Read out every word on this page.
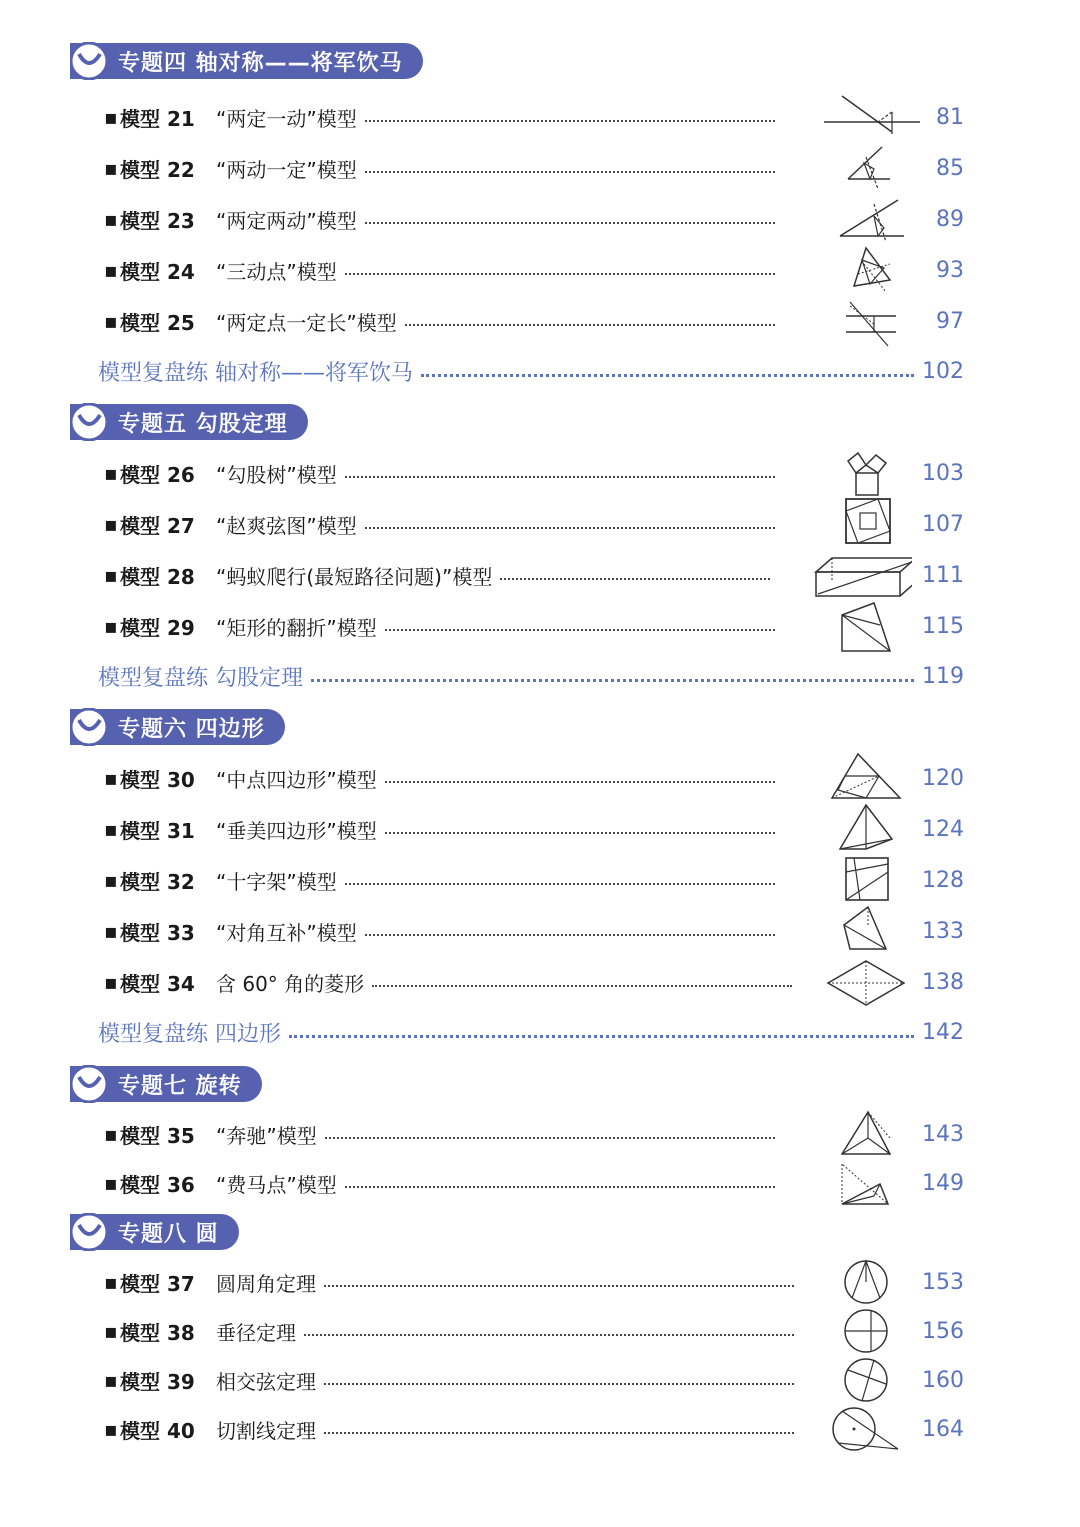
专题四 轴对称——将军饮马
▪ 模型 21	“两定一动”模型	81
▪ 模型 22	“两动一定”模型	85
▪ 模型 23	“两定两动”模型	89
▪ 模型 24	“三动点”模型	93
▪ 模型 25	“两定点一定长”模型	97
模型复盘练 轴对称——将军饮马	102
专题五 勾股定理
▪ 模型 26	“勾股树”模型	103
▪ 模型 27	“赵爽弦图”模型	107
▪ 模型 28	“蚂蚁爬行(最短路径问题)”模型	111
▪ 模型 29	“矩形的翻折”模型	115
模型复盘练 勾股定理	119
专题六 四边形
▪ 模型 30	“中点四边形”模型	120
▪ 模型 31	“垂美四边形”模型	124
▪ 模型 32	“十字架”模型	128
▪ 模型 33	“对角互补”模型	133
▪ 模型 34	含 60° 角的菱形	138
模型复盘练 四边形	142
专题七 旋转
▪ 模型 35	“奔驰”模型	143
▪ 模型 36	“费马点”模型	149
专题八 圆
▪ 模型 37	圆周角定理	153
▪ 模型 38	垂径定理	156
▪ 模型 39	相交弦定理	160
▪ 模型 40	切割线定理	164
